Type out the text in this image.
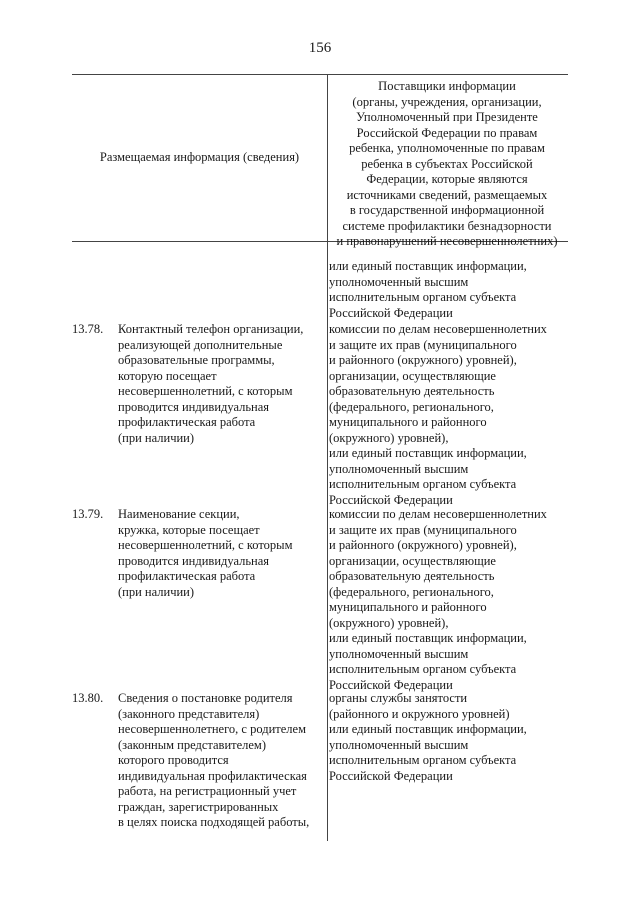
156
Размещаемая информация (сведения)
Поставщики информации
(органы, учреждения, организации,
Уполномоченный при Президенте
Российской Федерации по правам
ребенка, уполномоченные по правам
ребенка в субъектах Российской
Федерации, которые являются
источниками сведений, размещаемых
в государственной информационной
системе профилактики безнадзорности
и правонарушений несовершеннолетних)
или единый поставщик информации,
уполномоченный высшим
исполнительным органом субъекта
Российской Федерации
13.78. Контактный телефон организации,
реализующей дополнительные
образовательные программы,
которую посещает
несовершеннолетний, с которым
проводится индивидуальная
профилактическая работа
(при наличии)
комиссии по делам несовершеннолетних
и защите их прав (муниципального
и районного (окружного) уровней),
организации, осуществляющие
образовательную деятельность
(федерального, регионального,
муниципального и районного
(окружного) уровней),
или единый поставщик информации,
уполномоченный высшим
исполнительным органом субъекта
Российской Федерации
13.79. Наименование секции,
кружка, которые посещает
несовершеннолетний, с которым
проводится индивидуальная
профилактическая работа
(при наличии)
комиссии по делам несовершеннолетних
и защите их прав (муниципального
и районного (окружного) уровней),
организации, осуществляющие
образовательную деятельность
(федерального, регионального,
муниципального и районного
(окружного) уровней),
или единый поставщик информации,
уполномоченный высшим
исполнительным органом субъекта
Российской Федерации
13.80. Сведения о постановке родителя
(законного представителя)
несовершеннолетнего, с родителем
(законным представителем)
которого проводится
индивидуальная профилактическая
работа, на регистрационный учет
граждан, зарегистрированных
в целях поиска подходящей работы,
органы службы занятости
(районного и окружного уровней)
или единый поставщик информации,
уполномоченный высшим
исполнительным органом субъекта
Российской Федерации
